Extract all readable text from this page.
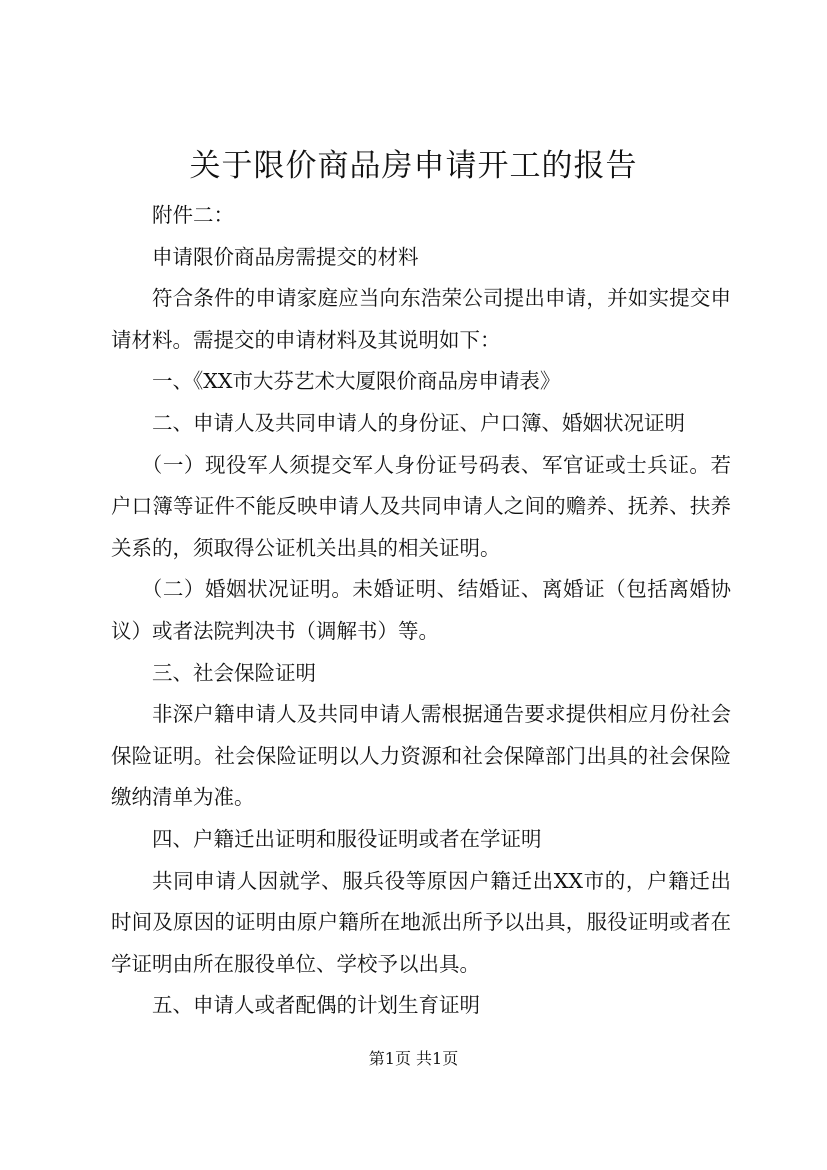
关于限价商品房申请开工的报告

附件二：

申请限价商品房需提交的材料

符合条件的申请家庭应当向东浩荣公司提出申请，并如实提交申请材料。需提交的申请材料及其说明如下：

一、《XX市大芬艺术大厦限价商品房申请表》

二、申请人及共同申请人的身份证、户口簿、婚姻状况证明

（一）现役军人须提交军人身份证号码表、军官证或士兵证。若户口簿等证件不能反映申请人及共同申请人之间的赡养、抚养、扶养关系的，须取得公证机关出具的相关证明。

（二）婚姻状况证明。未婚证明、结婚证、离婚证（包括离婚协议）或者法院判决书（调解书）等。

三、社会保险证明

非深户籍申请人及共同申请人需根据通告要求提供相应月份社会保险证明。社会保险证明以人力资源和社会保障部门出具的社会保险缴纳清单为准。

四、户籍迁出证明和服役证明或者在学证明

共同申请人因就学、服兵役等原因户籍迁出XX市的，户籍迁出时间及原因的证明由原户籍所在地派出所予以出具，服役证明或者在学证明由所在服役单位、学校予以出具。

五、申请人或者配偶的计划生育证明

第1页 共1页
